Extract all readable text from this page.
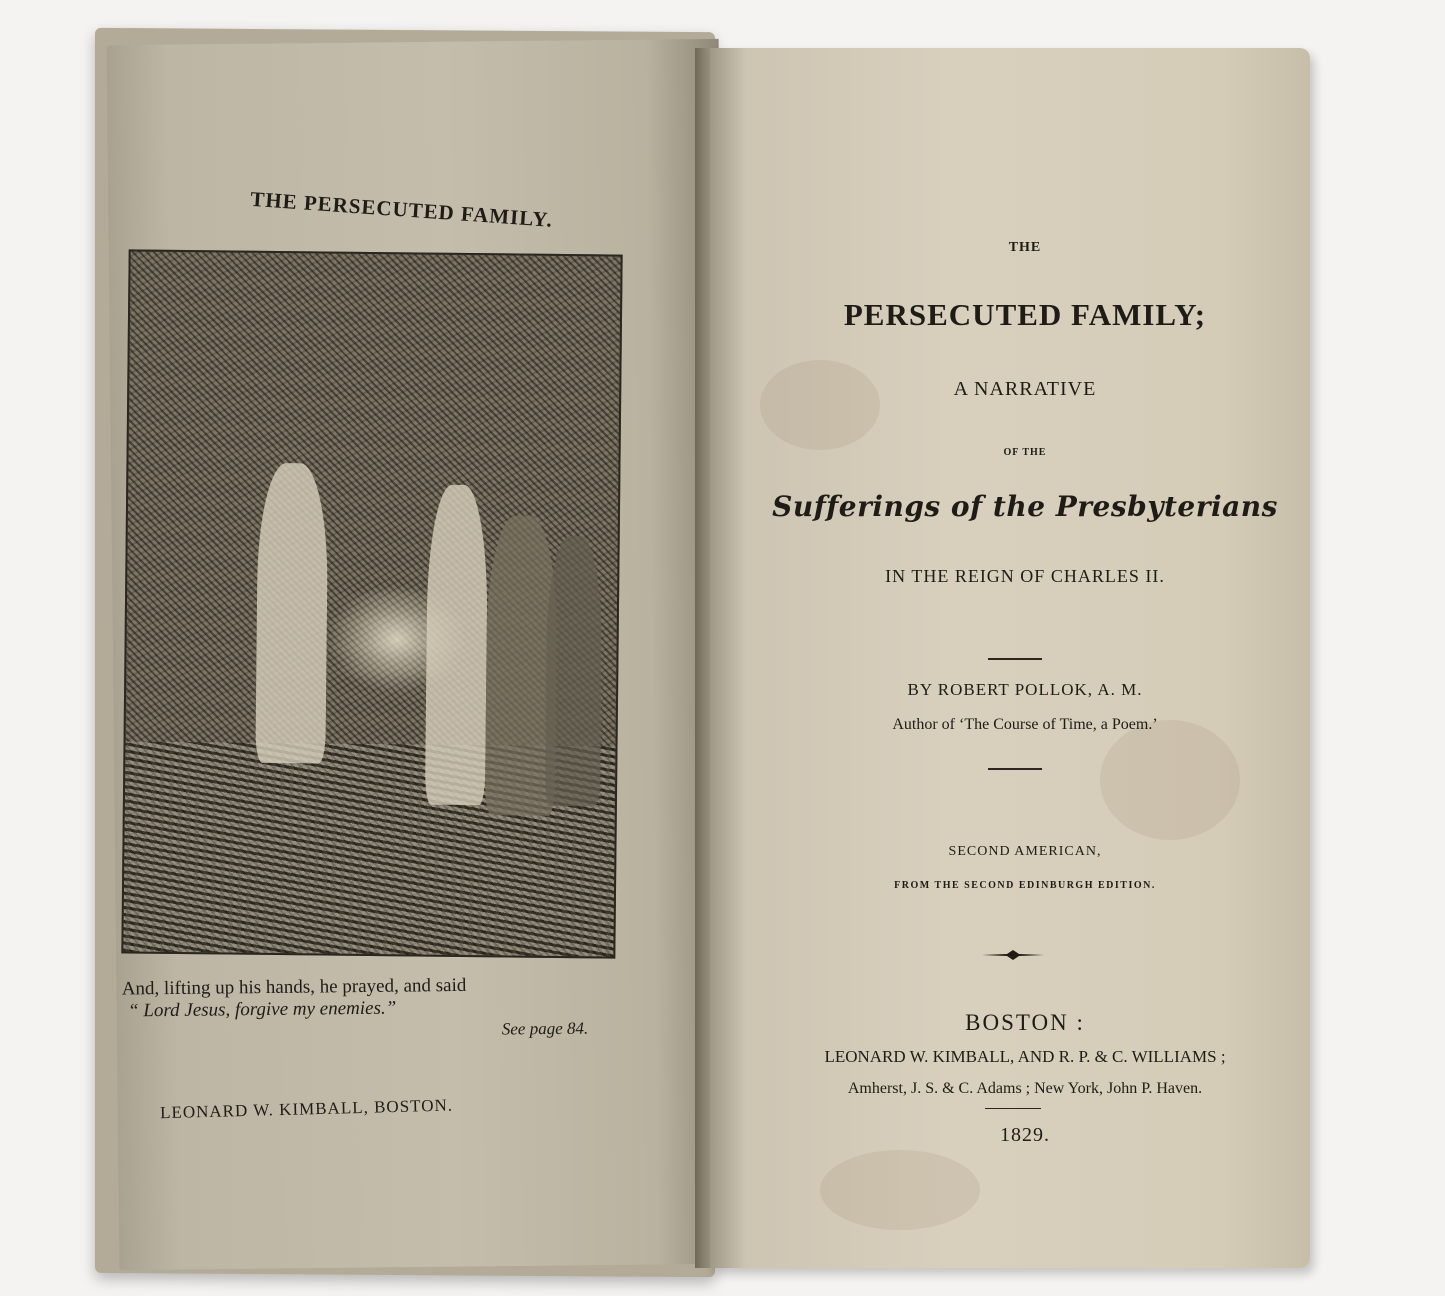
THE PERSECUTED FAMILY.
And, lifting up his hands, he prayed, and said

“ Lord Jesus, forgive my enemies.”
See page 84.
LEONARD W. KIMBALL, BOSTON.
THE
PERSECUTED FAMILY;
A NARRATIVE
OF THE
Sufferings of the Presbyterians
IN THE REIGN OF CHARLES II.
BY ROBERT POLLOK, A. M.
Author of ‘The Course of Time, a Poem.’
SECOND AMERICAN,
FROM THE SECOND EDINBURGH EDITION.
BOSTON :
LEONARD W. KIMBALL, AND R. P. & C. WILLIAMS ;
Amherst, J. S. & C. Adams ; New York, John P. Haven.
1829.
